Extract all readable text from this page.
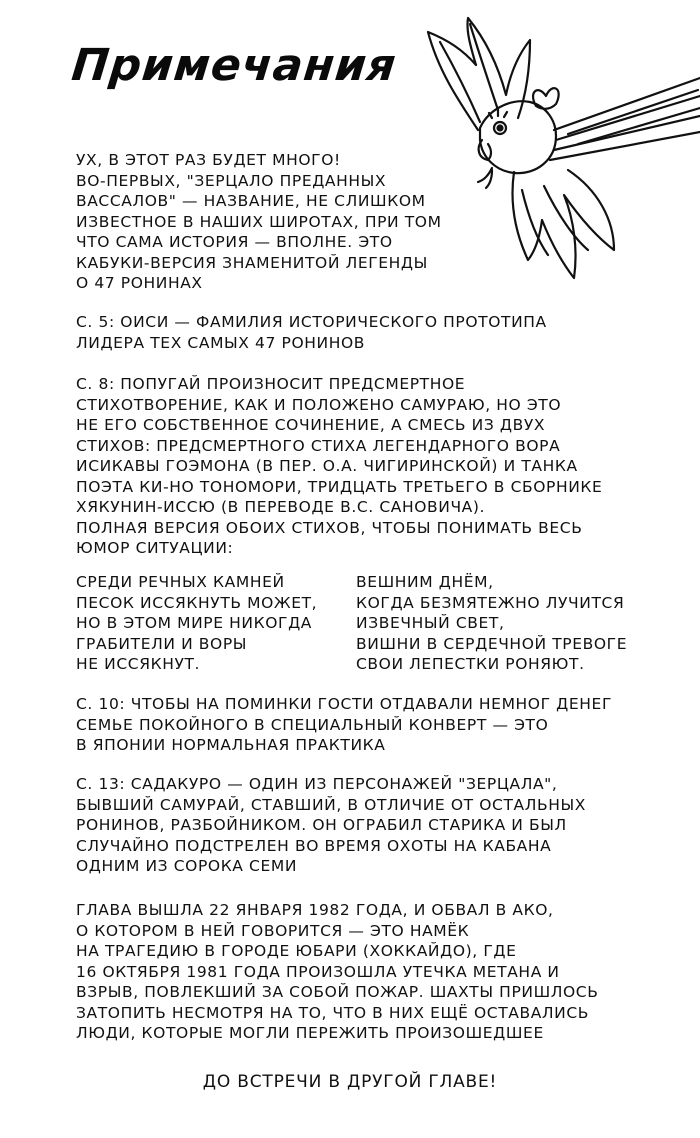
Примечания
УХ, В ЭТОТ РАЗ БУДЕТ МНОГО!
ВО-ПЕРВЫХ, "ЗЕРЦАЛО ПРЕДАННЫХ
ВАССАЛОВ" — НАЗВАНИЕ, НЕ СЛИШКОМ
ИЗВЕСТНОЕ В НАШИХ ШИРОТАХ, ПРИ ТОМ
ЧТО САМА ИСТОРИЯ — ВПОЛНЕ. ЭТО
КАБУКИ-ВЕРСИЯ ЗНАМЕНИТОЙ ЛЕГЕНДЫ
О 47 РОНИНАХ
С. 5: ОИСИ — ФАМИЛИЯ ИСТОРИЧЕСКОГО ПРОТОТИПА
ЛИДЕРА ТЕХ САМЫХ 47 РОНИНОВ
С. 8: ПОПУГАЙ ПРОИЗНОСИТ ПРЕДСМЕРТНОЕ
СТИХОТВОРЕНИЕ, КАК И ПОЛОЖЕНО САМУРАЮ, НО ЭТО
НЕ ЕГО СОБСТВЕННОЕ СОЧИНЕНИЕ, А СМЕСЬ ИЗ ДВУХ
СТИХОВ: ПРЕДСМЕРТНОГО СТИХА ЛЕГЕНДАРНОГО ВОРА
ИСИКАВЫ ГОЭМОНА (В ПЕР. О.А. ЧИГИРИНСКОЙ) И ТАНКА
ПОЭТА КИ-НО ТОНОМОРИ, ТРИДЦАТЬ ТРЕТЬЕГО В СБОРНИКЕ
ХЯКУНИН-ИССЮ (В ПЕРЕВОДЕ В.С. САНОВИЧА).
ПОЛНАЯ ВЕРСИЯ ОБОИХ СТИХОВ, ЧТОБЫ ПОНИМАТЬ ВЕСЬ
ЮМОР СИТУАЦИИ:
СРЕДИ РЕЧНЫХ КАМНЕЙ
ПЕСОК ИССЯКНУТЬ МОЖЕТ,
НО В ЭТОМ МИРЕ НИКОГДА
ГРАБИТЕЛИ И ВОРЫ
НЕ ИССЯКНУТ.
ВЕШНИМ ДНЁМ,
КОГДА БЕЗМЯТЕЖНО ЛУЧИТСЯ
ИЗВЕЧНЫЙ СВЕТ,
ВИШНИ В СЕРДЕЧНОЙ ТРЕВОГЕ
СВОИ ЛЕПЕСТКИ РОНЯЮТ.
С. 10: ЧТОБЫ НА ПОМИНКИ ГОСТИ ОТДАВАЛИ НЕМНОГ ДЕНЕГ
СЕМЬЕ ПОКОЙНОГО В СПЕЦИАЛЬНЫЙ КОНВЕРТ — ЭТО
В ЯПОНИИ НОРМАЛЬНАЯ ПРАКТИКА
С. 13: САДАКУРО — ОДИН ИЗ ПЕРСОНАЖЕЙ "ЗЕРЦАЛА",
БЫВШИЙ САМУРАЙ, СТАВШИЙ, В ОТЛИЧИЕ ОТ ОСТАЛЬНЫХ
РОНИНОВ, РАЗБОЙНИКОМ. ОН ОГРАБИЛ СТАРИКА И БЫЛ
СЛУЧАЙНО ПОДСТРЕЛЕН ВО ВРЕМЯ ОХОТЫ НА КАБАНА
ОДНИМ ИЗ СОРОКА СЕМИ
ГЛАВА ВЫШЛА 22 ЯНВАРЯ 1982 ГОДА, И ОБВАЛ В АКО,
О КОТОРОМ В НЕЙ ГОВОРИТСЯ — ЭТО НАМЁК
НА ТРАГЕДИЮ В ГОРОДЕ ЮБАРИ (ХОККАЙДО), ГДЕ
16 ОКТЯБРЯ 1981 ГОДА ПРОИЗОШЛА УТЕЧКА МЕТАНА И
ВЗРЫВ, ПОВЛЕКШИЙ ЗА СОБОЙ ПОЖАР. ШАХТЫ ПРИШЛОСЬ
ЗАТОПИТЬ НЕСМОТРЯ НА ТО, ЧТО В НИХ ЕЩЁ ОСТАВАЛИСЬ
ЛЮДИ, КОТОРЫЕ МОГЛИ ПЕРЕЖИТЬ ПРОИЗОШЕДШЕЕ
ДО ВСТРЕЧИ В ДРУГОЙ ГЛАВЕ!
